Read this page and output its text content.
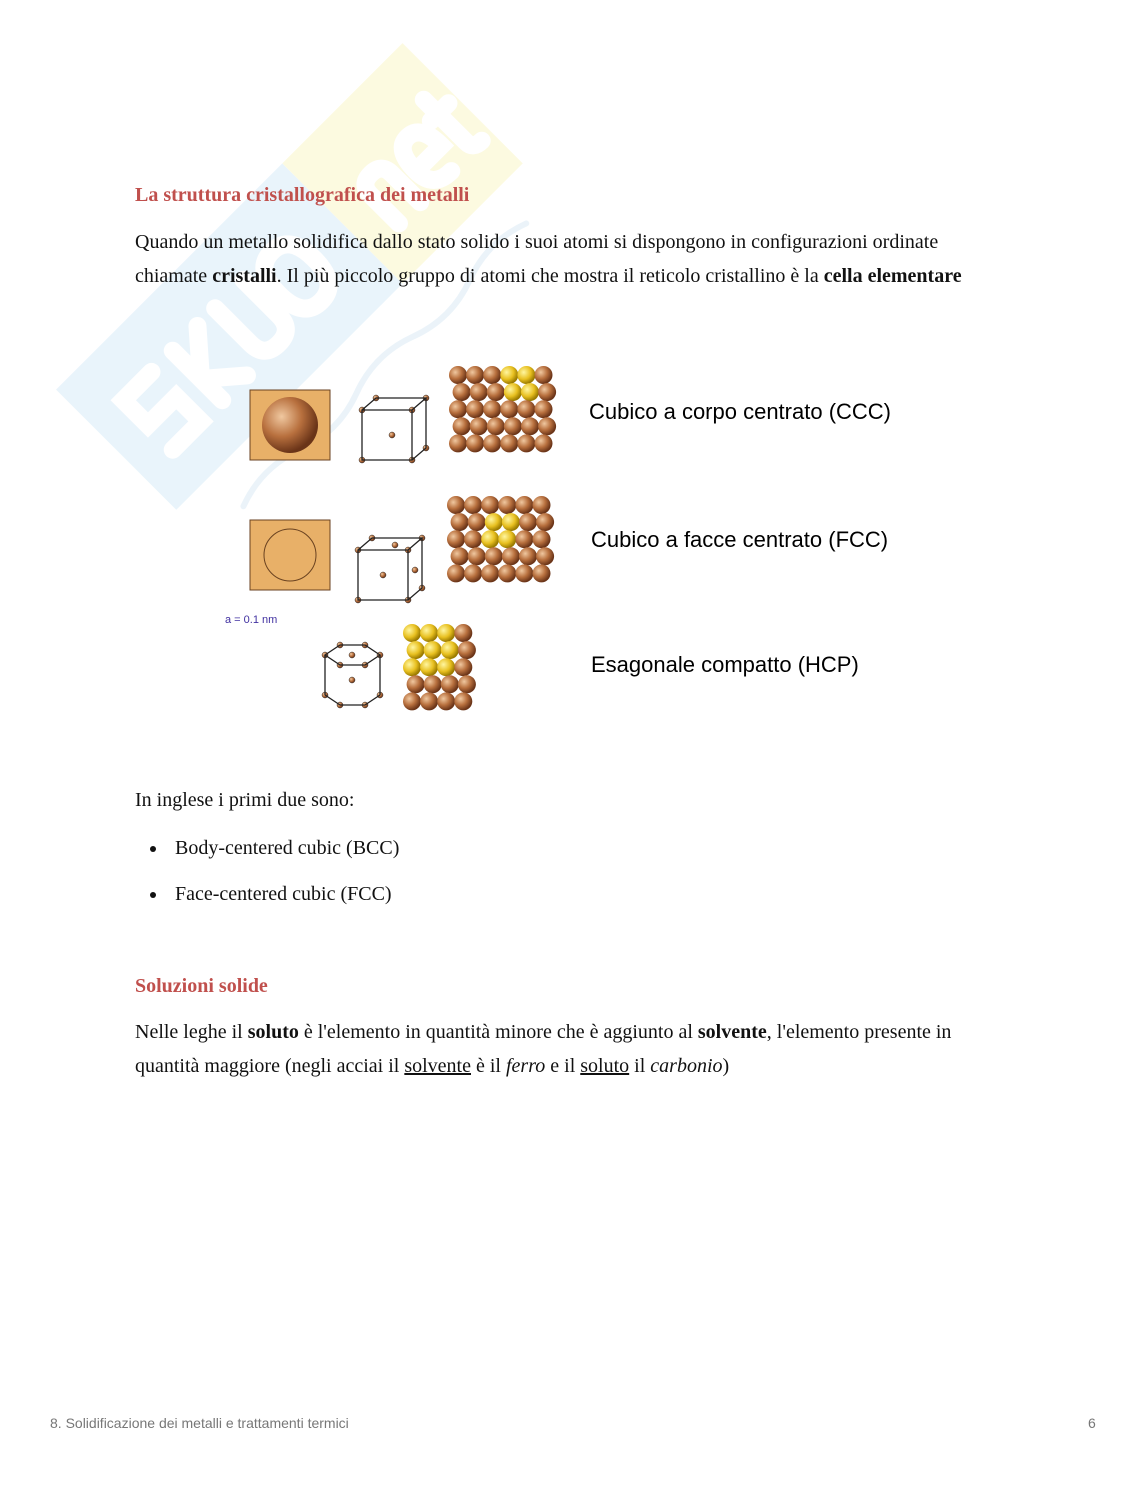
La struttura cristallografica dei metalli
Quando un metallo solidifica dallo stato solido i suoi atomi si dispongono in configurazioni ordinate chiamate cristalli. Il più piccolo gruppo di atomi che mostra il reticolo cristallino è la cella elementare
a = 0.1 nm
Cubico a corpo centrato (CCC)
Cubico a facce centrato (FCC)
Esagonale compatto (HCP)
In inglese i primi due sono:
Body-centered cubic (BCC)
Face-centered cubic (FCC)
Soluzioni solide
Nelle leghe il soluto è l'elemento in quantità minore che è aggiunto al solvente, l'elemento presente in quantità maggiore (negli acciai il solvente è il ferro e il soluto il carbonio)
8. Solidificazione dei metalli e trattamenti termici	6
